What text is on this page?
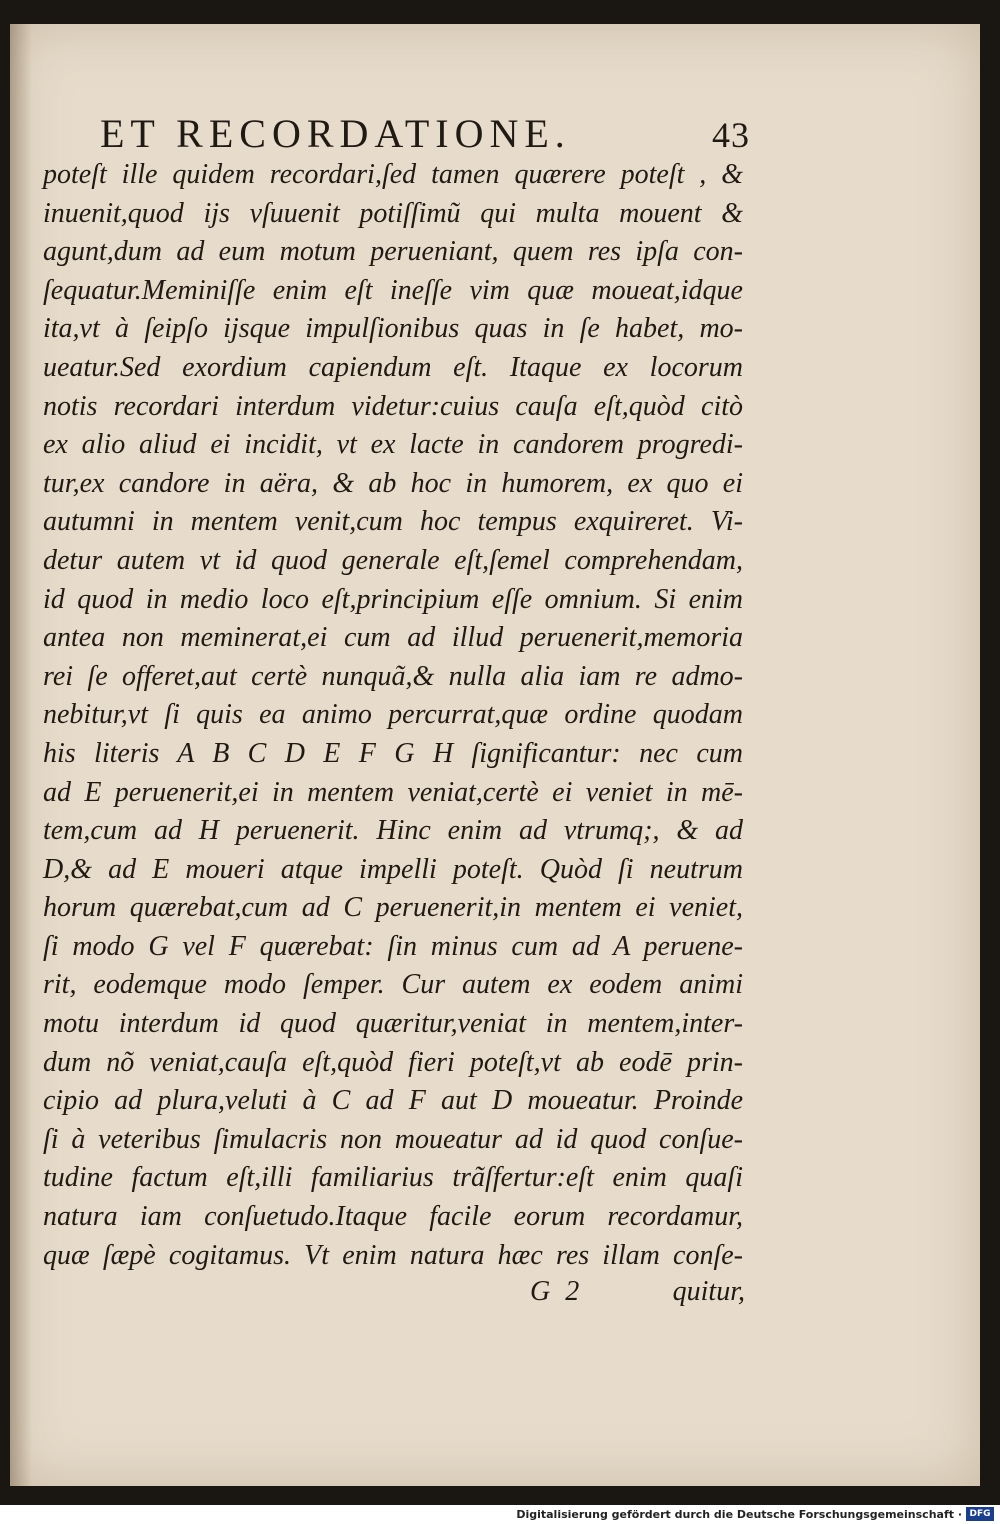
ET RECORDATIONE.	43
poteſt ille quidem recordari,ſed tamen quærere poteſt , &
inuenit,quod ijs vſuuenit potiſſimũ qui multa mouent &
agunt,dum ad eum motum perueniant, quem res ipſa con-
ſequatur.Meminiſſe enim eſt ineſſe vim quæ moueat,idque
ita,vt à ſeipſo ijsque impulſionibus quas in ſe habet, mo-
ueatur.Sed exordium capiendum eſt. Itaque ex locorum
notis recordari interdum videtur:cuius cauſa eſt,quòd citò
ex alio aliud ei incidit, vt ex lacte in candorem progredi-
tur,ex candore in aëra, & ab hoc in humorem, ex quo ei
autumni in mentem venit,cum hoc tempus exquireret. Vi-
detur autem vt id quod generale eſt,ſemel comprehendam,
id quod in medio loco eſt,principium eſſe omnium. Si enim
antea non meminerat,ei cum ad illud peruenerit,memoria
rei ſe offeret,aut certè nunquã,& nulla alia iam re admo-
nebitur,vt ſi quis ea animo percurrat,quæ ordine quodam
his literis A B C D E F G H ſignificantur: nec cum
ad E peruenerit,ei in mentem veniat,certè ei veniet in mē-
tem,cum ad H peruenerit. Hinc enim ad vtrumq;, & ad
D,& ad E moueri atque impelli poteſt. Quòd ſi neutrum
horum quærebat,cum ad C peruenerit,in mentem ei veniet,
ſi modo G vel F quærebat: ſin minus cum ad A peruene-
rit, eodemque modo ſemper. Cur autem ex eodem animi
motu interdum id quod quæritur,veniat in mentem,inter-
dum nõ veniat,cauſa eſt,quòd fieri poteſt,vt ab eodē prin-
cipio ad plura,veluti à C ad F aut D moueatur. Proinde
ſi à veteribus ſimulacris non moueatur ad id quod conſue-
tudine factum eſt,illi familiarius trãſfertur:eſt enim quaſi
natura iam conſuetudo.Itaque facile eorum recordamur,
quæ ſæpè cogitamus. Vt enim natura hæc res illam conſe-
G 2	quitur,
Digitalisierung gefördert durch die Deutsche Forschungsgemeinschaft · DFG
